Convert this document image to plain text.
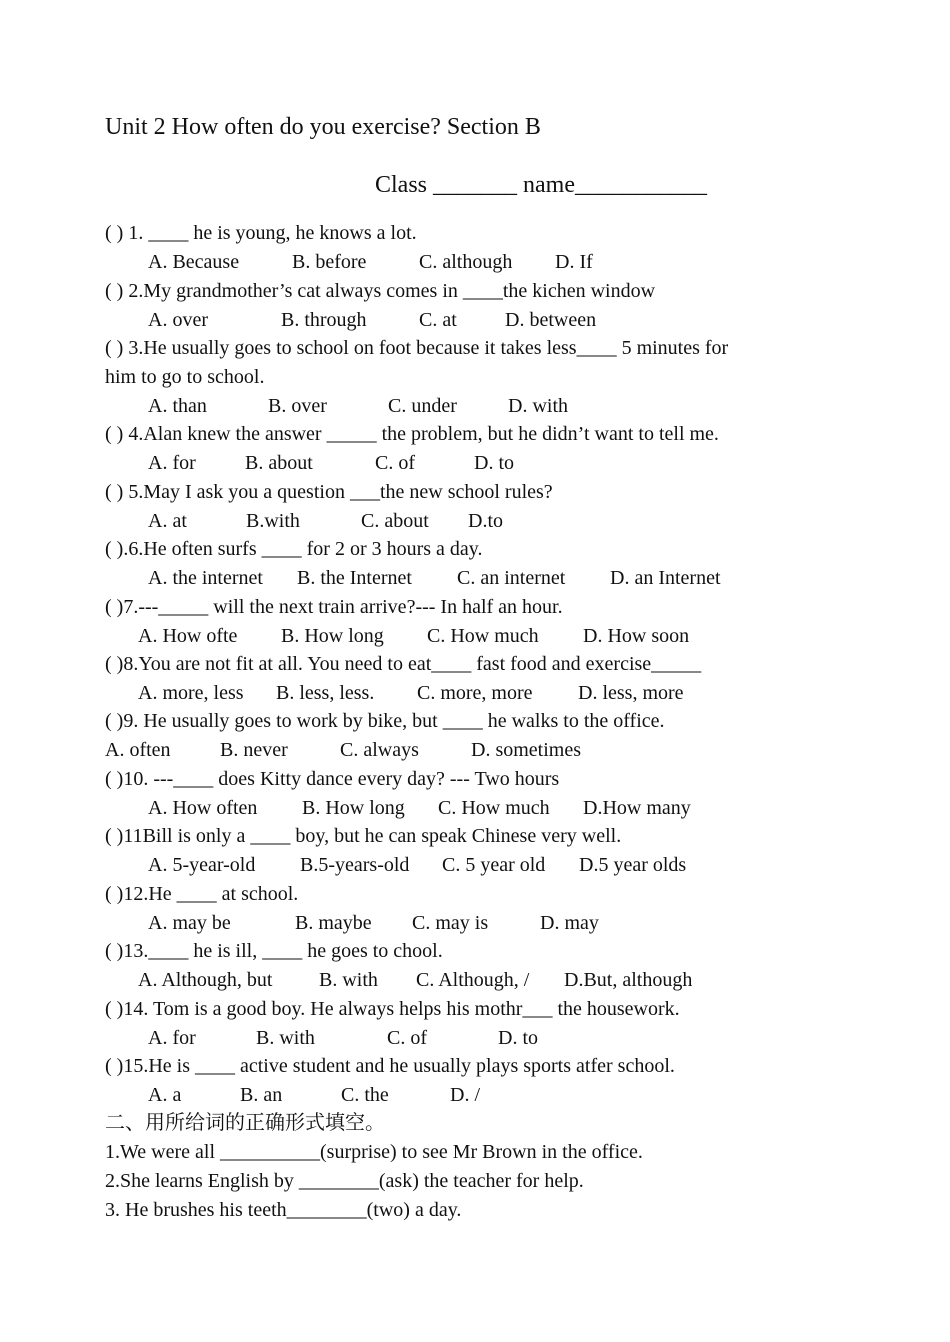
Unit 2 How often do you exercise? Section B
Class _______ name___________
( ) 1. ____ he is young, he knows a lot.
A. Because	B. before	C. although D. If
( ) 2.My grandmother’s cat always comes in ____the kichen window
A. over	B. through	C. at D. between
( ) 3.He usually goes to school on foot because it takes less____ 5 minutes for
him to go to school.
A. than	B. over	C. under	D. with
( ) 4.Alan knew the answer _____ the problem, but he didn’t want to tell me.
A. for B. about	C. of	D. to
( ) 5.May I ask you a question ___the new school rules?
A. at	B.with	C. about D.to
( ).6.He often surfs ____ for 2 or 3 hours a day.
A. the internet B. the Internet C. an internet D. an Internet
( )7.---_____ will the next train arrive?--- In half an hour.
A. How ofte B. How long C. How much D. How soon
( )8.You are not fit at all. You need to eat____ fast food and exercise_____
A. more, less B. less, less. C. more, more D. less, more
( )9. He usually goes to work by bike, but ____ he walks to the office.
A. often B. never	C. always	D. sometimes
( )10. ---____ does Kitty dance every day? --- Two hours
A. How often B. How long C. How much D.How many
( )11Bill is only a ____ boy, but he can speak Chinese very well.
A. 5-year-old B.5-years-old C. 5 year old D.5 year olds
( )12.He ____ at school.
A. may be	B. maybe C. may is	D. may
( )13.____ he is ill, ____ he goes to chool.
A. Although, but B. with C. Although, / D.But, although
( )14. Tom is a good boy. He always helps his mothr___ the housework.
A. for	B. with	C. of	D. to
( )15.He is ____ active student and he usually plays sports atfer school.
A. a	B. an	C. the	D. /
二、用所给词的正确形式填空。
1.We were all __________(surprise) to see Mr Brown in the office.
2.She learns English by ________(ask) the teacher for help.
3. He brushes his teeth________(two) a day.
